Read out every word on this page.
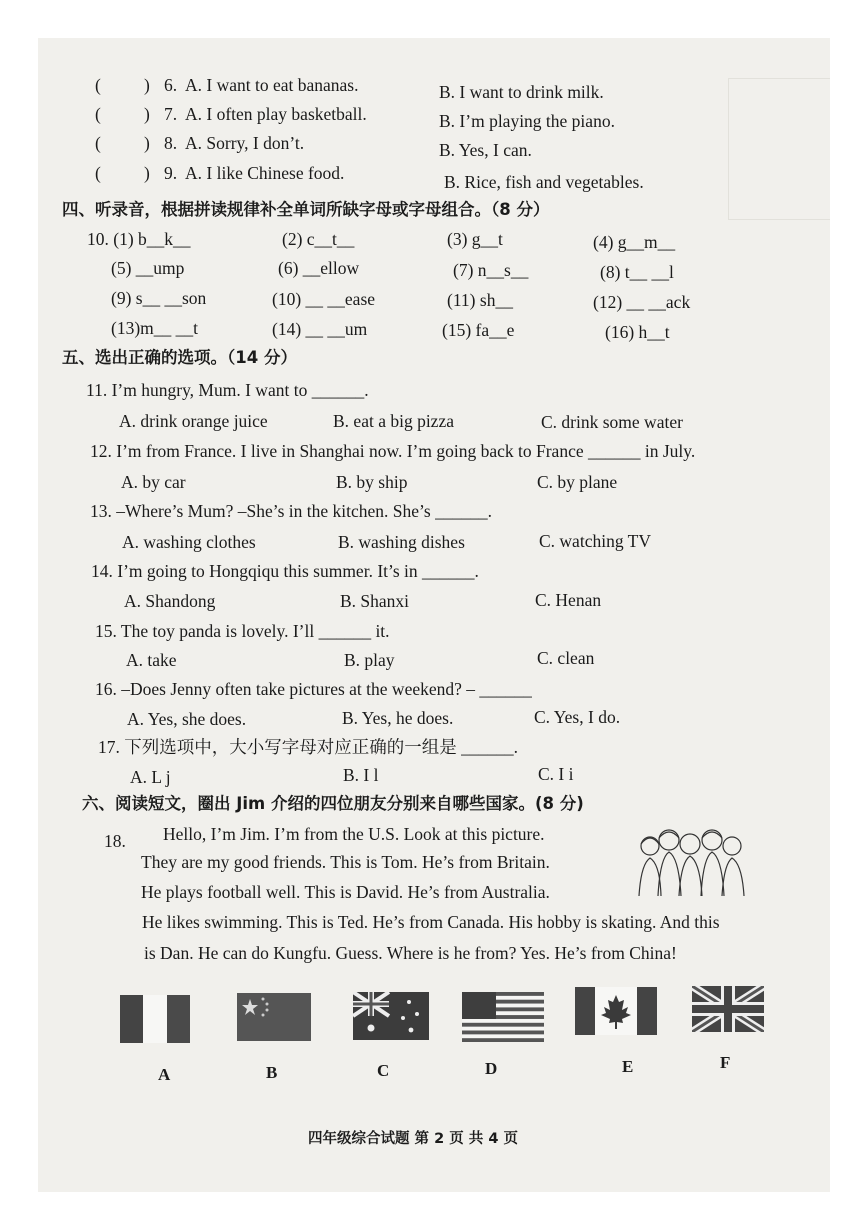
( ) 6. A. I want to eat bananas.	B. I want to drink milk.
( ) 7. A. I often play basketball.	B. I’m playing the piano.
( ) 8. A. Sorry, I don’t.	B. Yes, I can.
( ) 9. A. I like Chinese food.	B. Rice, fish and vegetables.
四、听录音，根据拼读规律补全单词所缺字母或字母组合。（8 分）
10. (1) b__k__	(2) c__t__	(3) g__t	(4) g__m__
(5) __ump	(6) __ellow	(7) n__s__	(8) t__ __l
(9) s__ __son	(10) __ __ease	(11) sh__	(12) __ __ack
(13)m__ __t	(14) __ __um	(15) fa__e	(16) h__t
五、选出正确的选项。（14 分）
11. I’m hungry, Mum. I want to ______.
A. drink orange juice	B. eat a big pizza	C. drink some water
12. I’m from France. I live in Shanghai now. I’m going back to France ______ in July.
A. by car	B. by ship	C. by plane
13. –Where’s Mum? –She’s in the kitchen. She’s ______.
A. washing clothes	B. washing dishes	C. watching TV
14. I’m going to Hongqiqu this summer. It’s in ______.
A. Shandong	B. Shanxi	C. Henan
15. The toy panda is lovely. I’ll ______ it.
A. take	B. play	C. clean
16. –Does Jenny often take pictures at the weekend? – ______
A. Yes, she does.	B. Yes, he does.	C. Yes, I do.
17. 下列选项中，大小写字母对应正确的一组是 ______.
A. L j	B. I l	C. I i
六、阅读短文，圈出 Jim 介绍的四位朋友分别来自哪些国家。(8 分)
18. Hello, I’m Jim. I’m from the U.S. Look at this picture.
They are my good friends. This is Tom. He’s from Britain.
He plays football well. This is David. He’s from Australia.
He likes swimming. This is Ted. He’s from Canada. His hobby is skating. And this
is Dan. He can do Kungfu. Guess. Where is he from? Yes. He’s from China!
A	B	C	D	E	F
四年级综合试题 第 2 页 共 4 页
